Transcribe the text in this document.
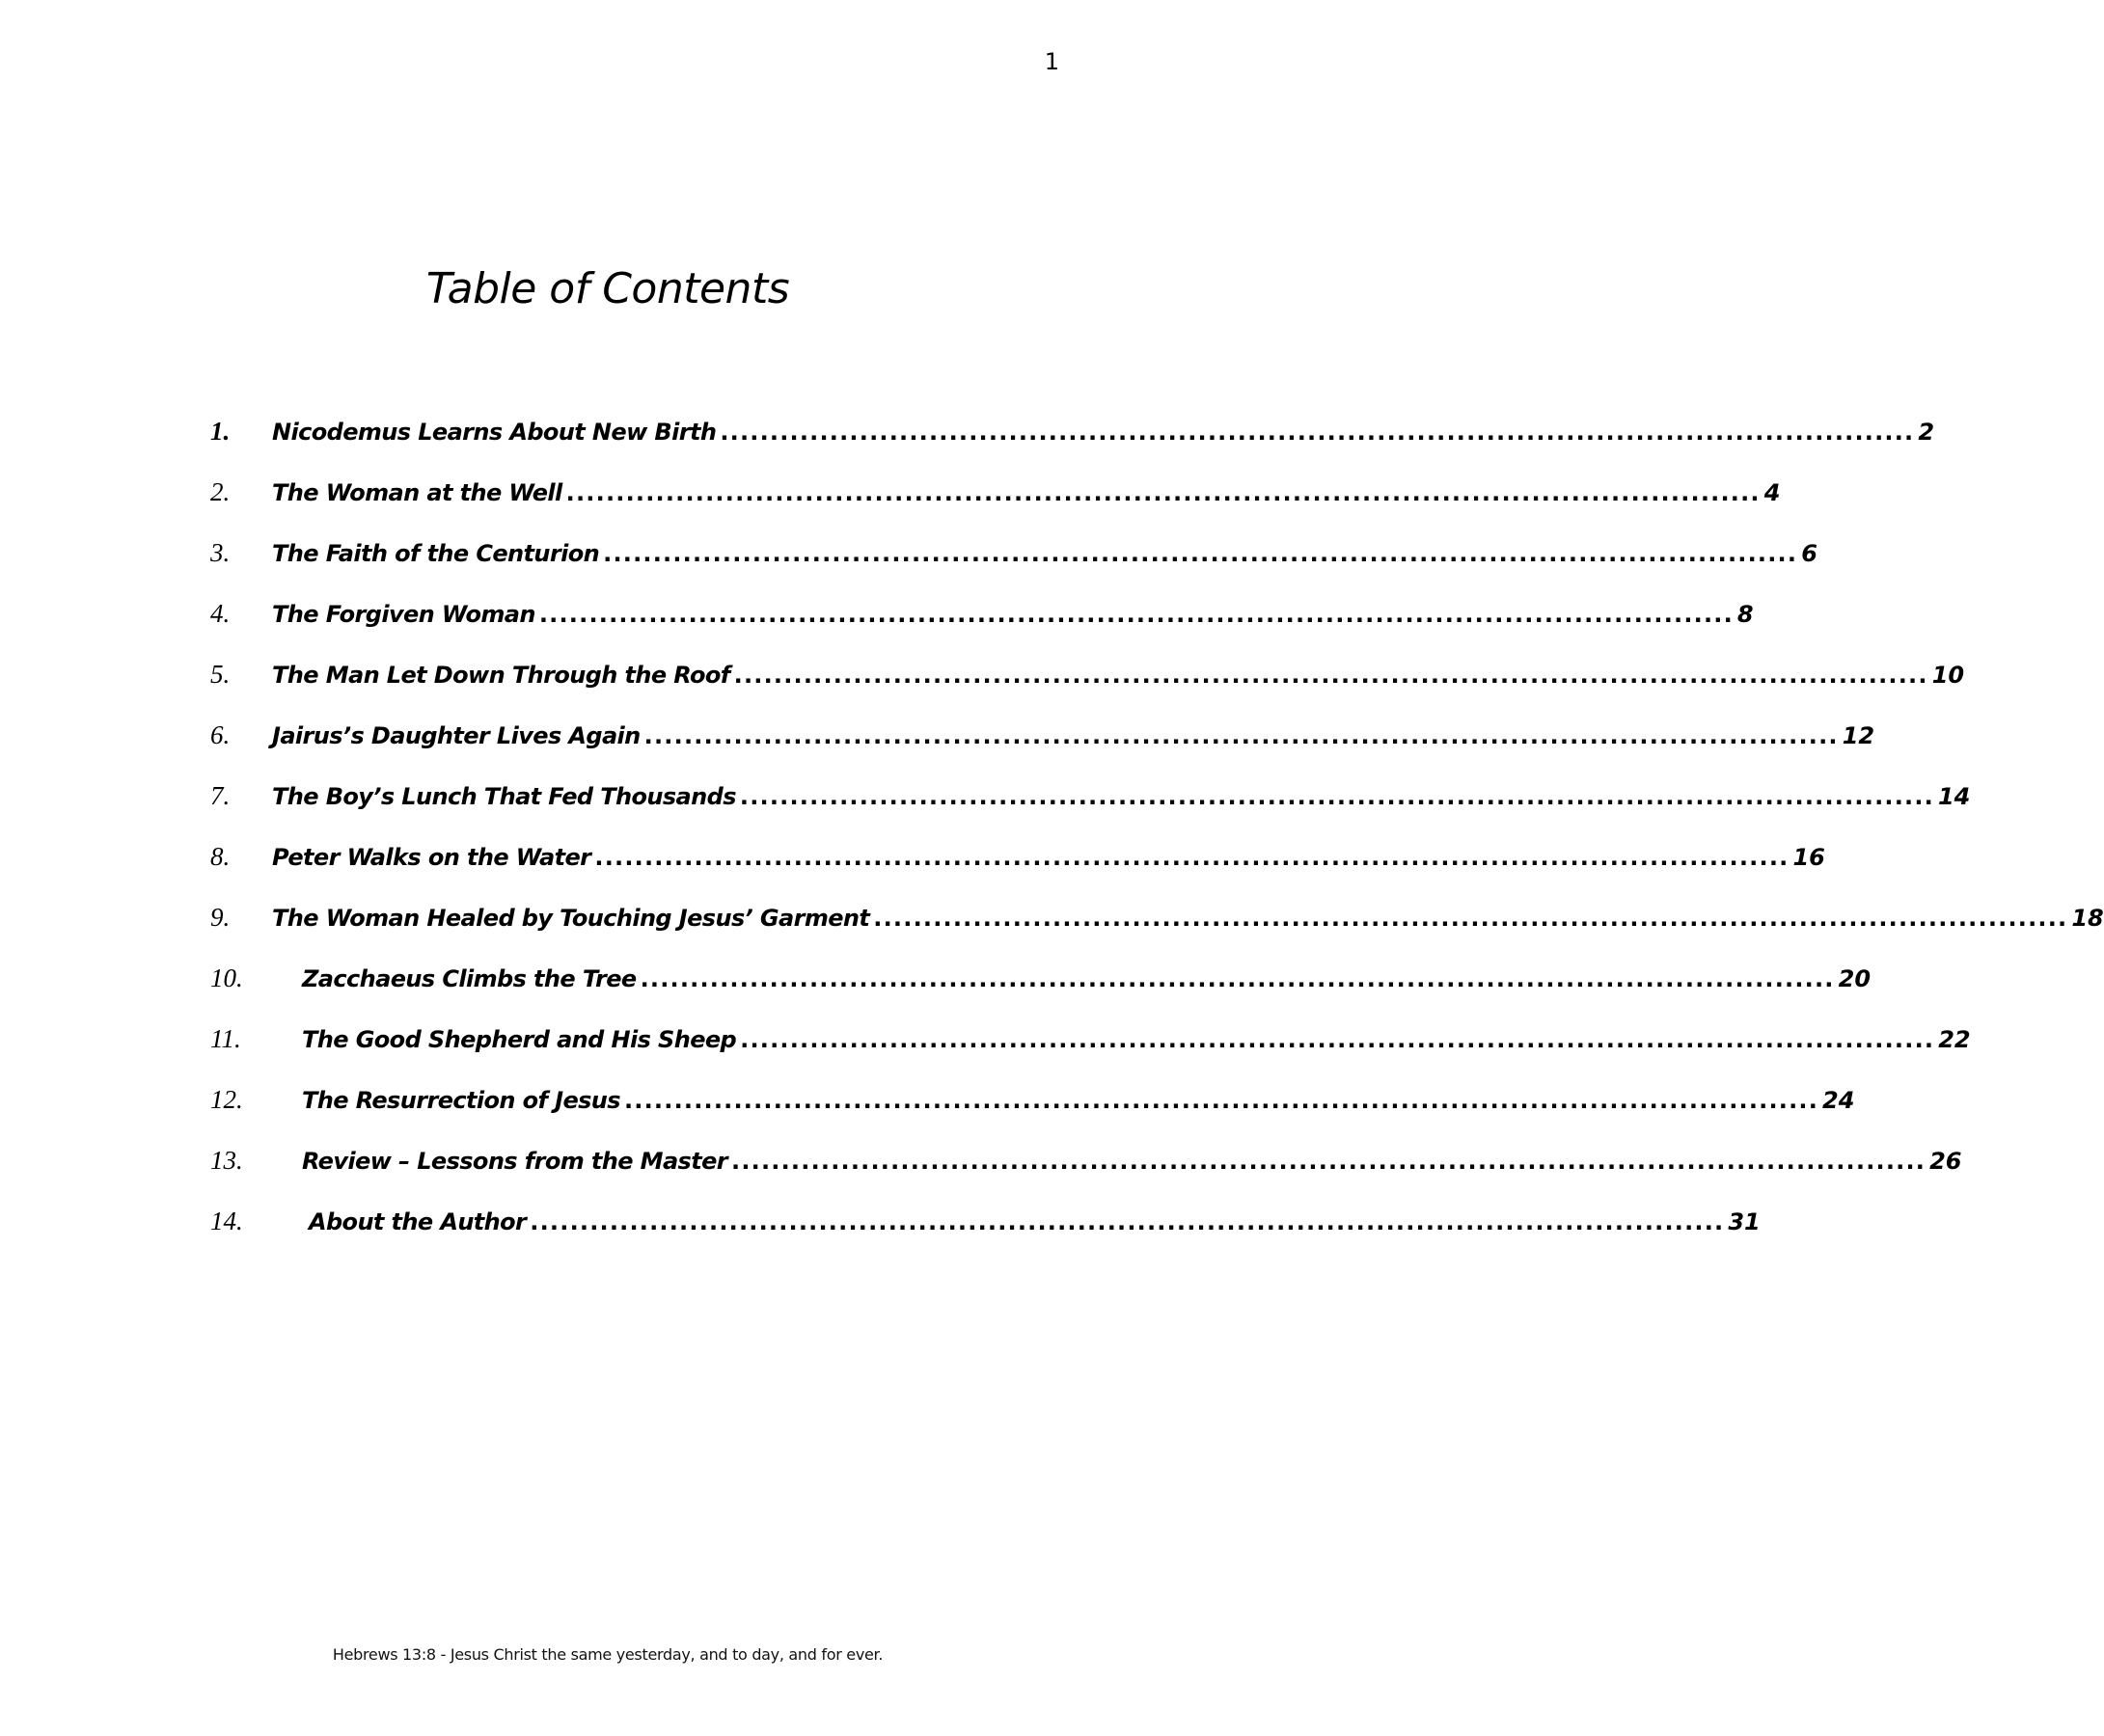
1
Table of Contents
1.	Nicodemus Learns About New Birth ........................................................................................................................ 2
2.	The Woman at the Well ........................................................................................................................ 4
3.	The Faith of the Centurion ........................................................................................................................ 6
4.	The Forgiven Woman ........................................................................................................................ 8
5.	The Man Let Down Through the Roof ........................................................................................................................ 10
6.	Jairus’s Daughter Lives Again ........................................................................................................................ 12
7.	The Boy’s Lunch That Fed Thousands ........................................................................................................................ 14
8.	Peter Walks on the Water ........................................................................................................................ 16
9.	The Woman Healed by Touching Jesus’ Garment ........................................................................................................................ 18
10.	Zacchaeus Climbs the Tree ........................................................................................................................ 20
11.	The Good Shepherd and His Sheep ........................................................................................................................ 22
12.	The Resurrection of Jesus ........................................................................................................................ 24
13.	Review – Lessons from the Master ........................................................................................................................ 26
14.	About the Author ........................................................................................................................ 31
Hebrews 13:8 - Jesus Christ the same yesterday, and to day, and for ever.
